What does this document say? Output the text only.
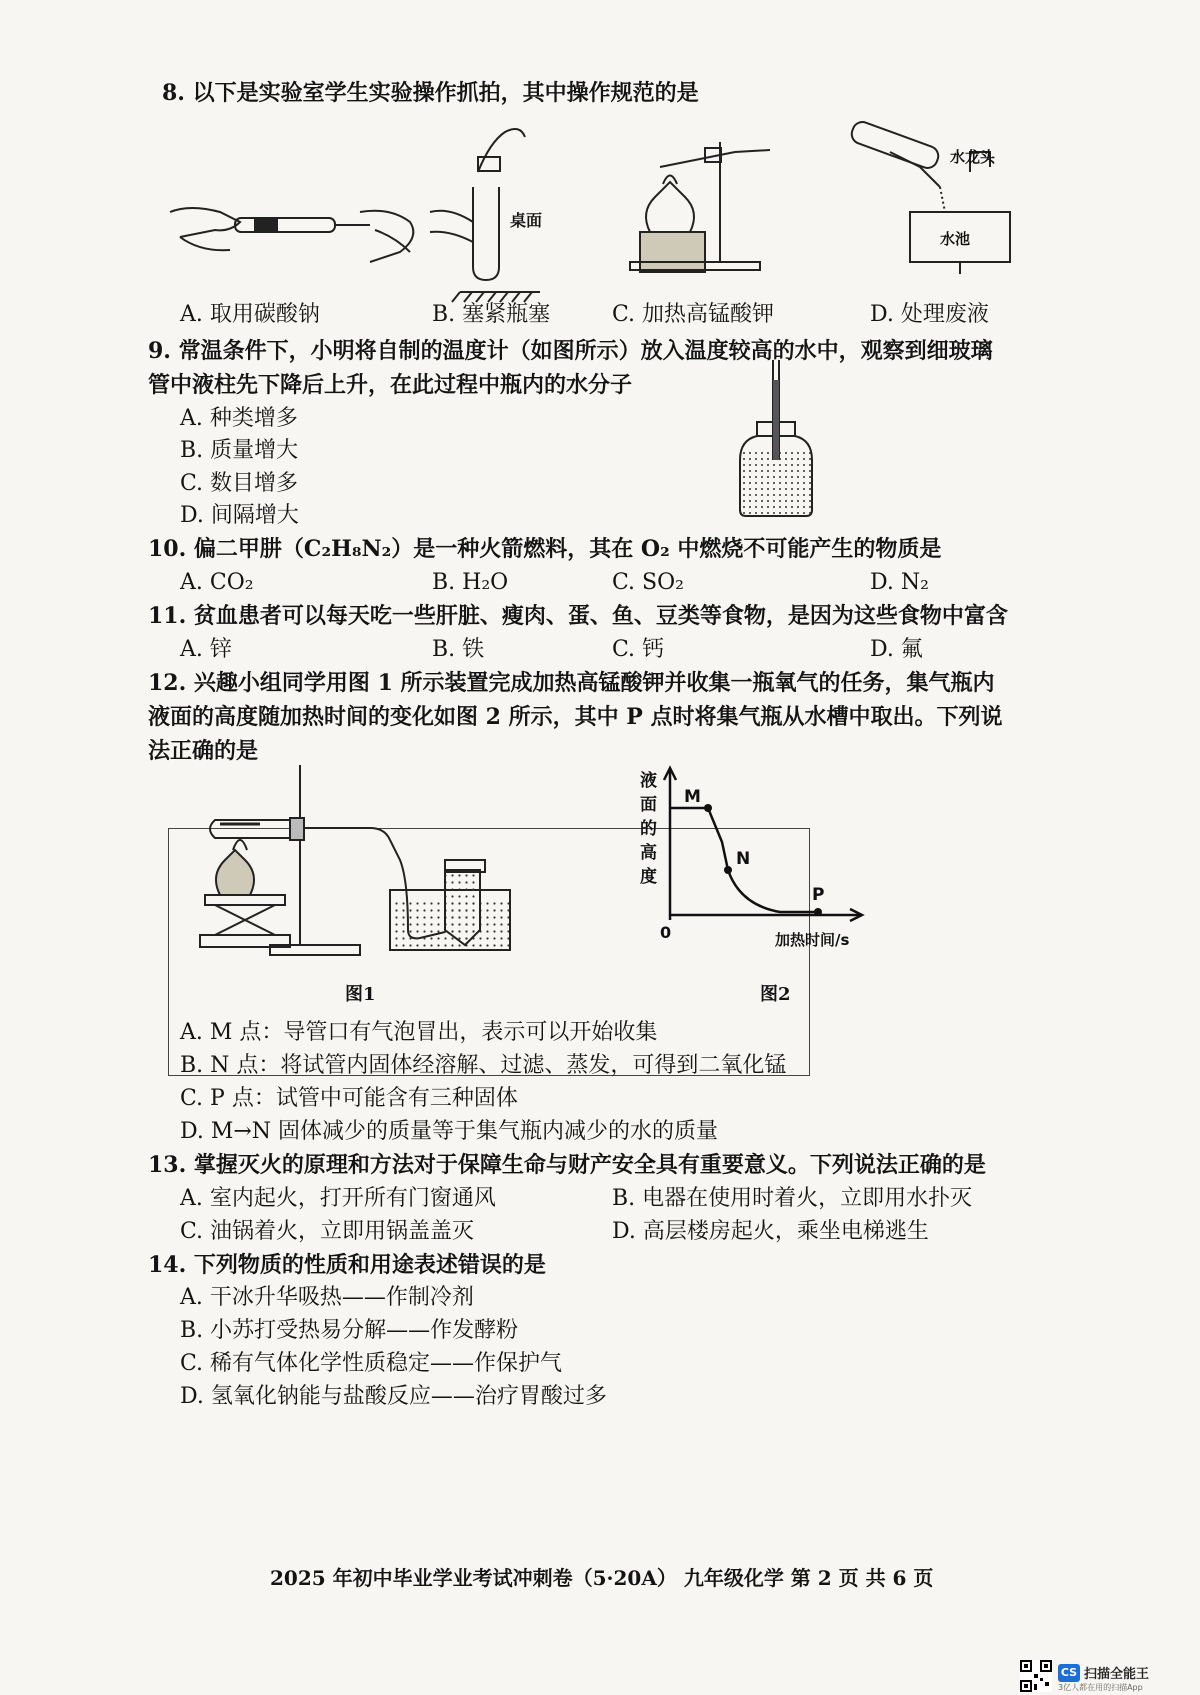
8. 以下是实验室学生实验操作抓拍，其中操作规范的是
桌面
水龙头
水池
A. 取用碳酸钠	B. 塞紧瓶塞	C. 加热高锰酸钾	D. 处理废液
9. 常温条件下，小明将自制的温度计（如图所示）放入温度较高的水中，观察到细玻璃
管中液柱先下降后上升，在此过程中瓶内的水分子
A. 种类增多
B. 质量增大
C. 数目增多
D. 间隔增大
10. 偏二甲肼（C₂H₈N₂）是一种火箭燃料，其在 O₂ 中燃烧不可能产生的物质是
A. CO₂	B. H₂O	C. SO₂	D. N₂
11. 贫血患者可以每天吃一些肝脏、瘦肉、蛋、鱼、豆类等食物，是因为这些食物中富含
A. 锌	B. 铁	C. 钙	D. 氟
12. 兴趣小组同学用图 1 所示装置完成加热高锰酸钾并收集一瓶氧气的任务，集气瓶内
液面的高度随加热时间的变化如图 2 所示，其中 P 点时将集气瓶从水槽中取出。下列说
法正确的是
M
N
P
0	加热时间/s
液
面
的
高
度
图1	图2
A. M 点：导管口有气泡冒出，表示可以开始收集
B. N 点：将试管内固体经溶解、过滤、蒸发，可得到二氧化锰
C. P 点：试管中可能含有三种固体
D. M→N 固体减少的质量等于集气瓶内减少的水的质量
13. 掌握灭火的原理和方法对于保障生命与财产安全具有重要意义。下列说法正确的是
A. 室内起火，打开所有门窗通风	B. 电器在使用时着火，立即用水扑灭
C. 油锅着火，立即用锅盖盖灭	D. 高层楼房起火，乘坐电梯逃生
14. 下列物质的性质和用途表述错误的是
A. 干冰升华吸热——作制冷剂
B. 小苏打受热易分解——作发酵粉
C. 稀有气体化学性质稳定——作保护气
D. 氢氧化钠能与盐酸反应——治疗胃酸过多
2025 年初中毕业学业考试冲刺卷（5·20A） 九年级化学 第 2 页 共 6 页
CS 扫描全能王
3亿人都在用的扫描App
